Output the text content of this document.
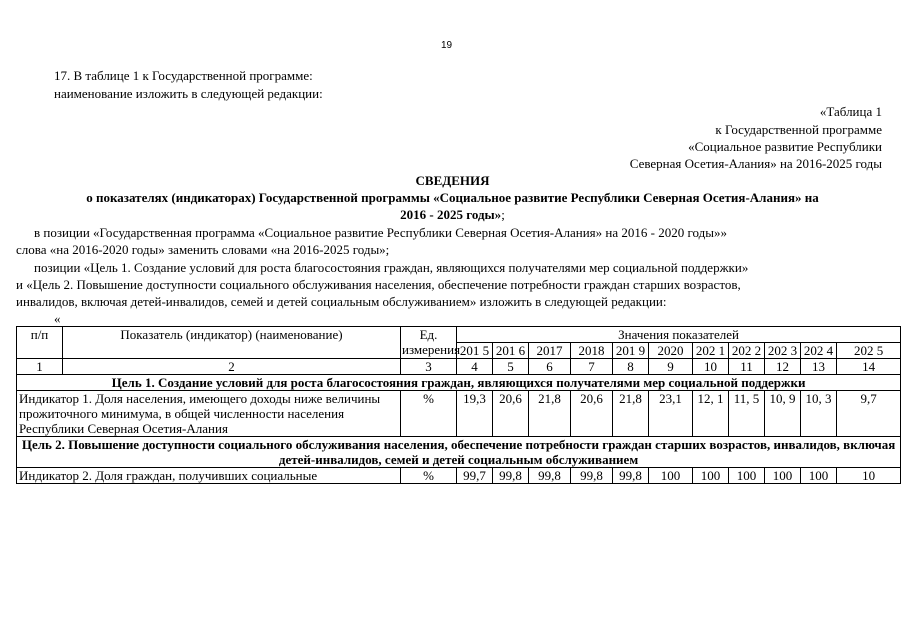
19
17. В таблице 1 к Государственной программе:
наименование изложить в следующей редакции:
«Таблица 1
к Государственной программе
«Социальное развитие Республики
Северная Осетия-Алания» на 2016-2025 годы
СВЕДЕНИЯ
о показателях (индикаторах) Государственной программы «Социальное развитие Республики Северная Осетия-Алания» на
2016 - 2025 годы»;
в позиции «Государственная программа «Социальное развитие Республики Северная Осетия-Алания» на 2016 - 2020 годы»»
слова «на 2016-2020 годы» заменить словами «на 2016-2025 годы»;
позиции «Цель 1. Создание условий для роста благосостояния граждан, являющихся получателями мер социальной поддержки»
и «Цель 2. Повышение доступности социального обслуживания населения, обеспечение потребности граждан старших возрастов,
инвалидов, включая детей-инвалидов, семей и детей социальным обслуживанием» изложить в следующей редакции:
«
п/п	Показатель (индикатор) (наименование)	Ед. измерения	Значения показателей										
			201 5	201 6	2017	2018	201 9	2020	202 1	202 2	202 3	202 4	202 5
1	2	3	4	5	6	7	8	9	10	11	12	13	14
Цель 1. Создание условий для роста благосостояния граждан, являющихся получателями мер социальной поддержки													
Индикатор 1. Доля населения, имеющего доходы ниже величины прожиточного минимума, в общей численности населения Республики Северная Осетия-Алания		%	19,3	20,6	21,8	20,6	21,8	23,1	12, 1	11, 5	10, 9	10, 3	9,7
Цель 2. Повышение доступности социального обслуживания населения, обеспечение потребности граждан старших возрастов, инвалидов, включая детей-инвалидов, семей и детей социальным обслуживанием													
Индикатор 2. Доля граждан, получивших социальные		%	99,7	99,8	99,8	99,8	99,8	100	100	100	100	100	10
